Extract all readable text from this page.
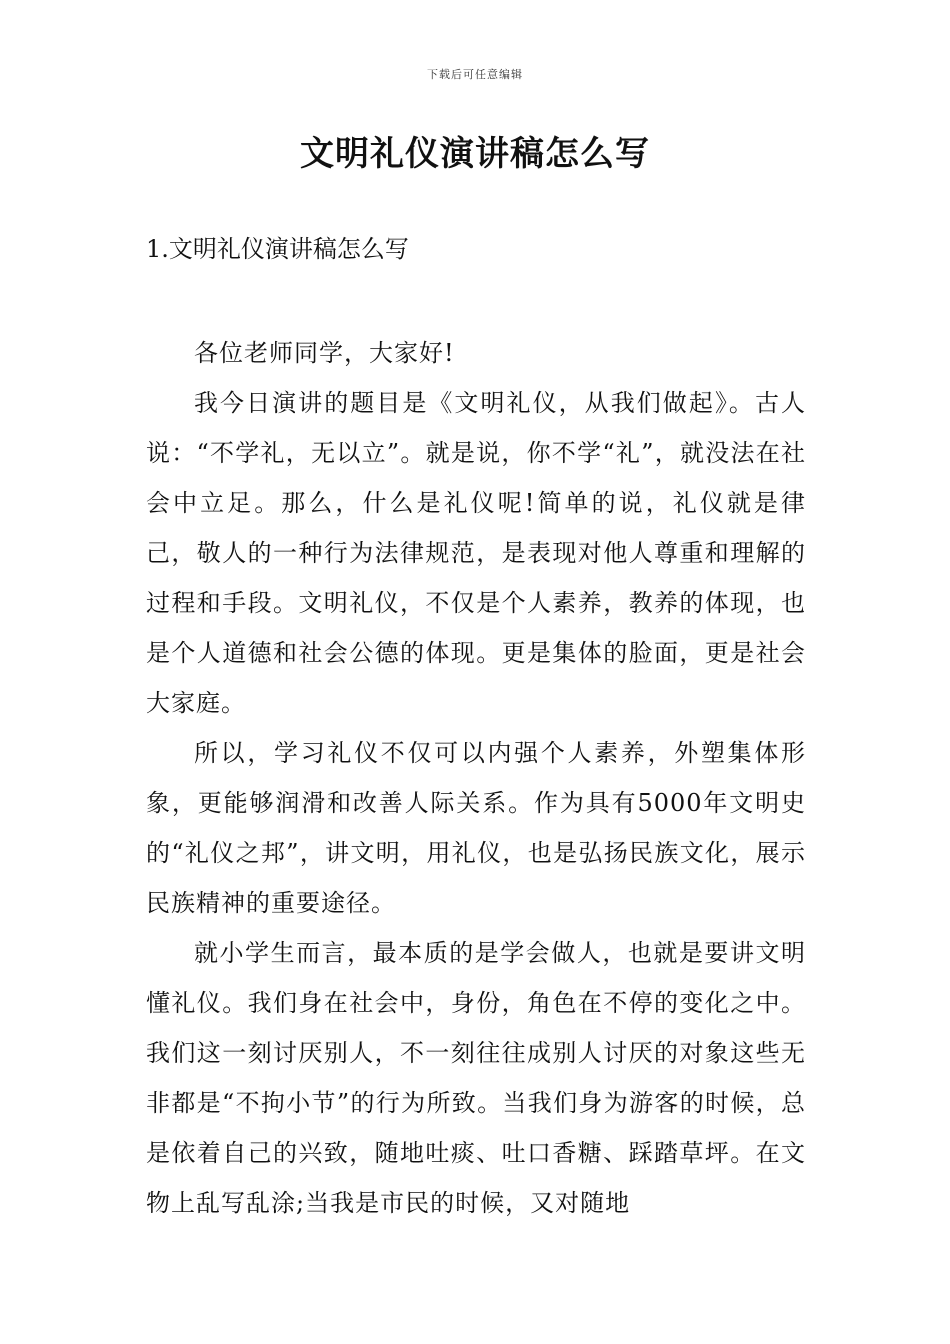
下载后可任意编辑
文明礼仪演讲稿怎么写
1.文明礼仪演讲稿怎么写

各位老师同学，大家好!

我今日演讲的题目是《文明礼仪，从我们做起》。古人说：“不学礼，无以立”。就是说，你不学“礼”，就没法在社会中立足。那么，什么是礼仪呢!简单的说，礼仪就是律己，敬人的一种行为法律规范，是表现对他人尊重和理解的过程和手段。文明礼仪，不仅是个人素养，教养的体现，也是个人道德和社会公德的体现。更是集体的脸面，更是社会大家庭。

所以，学习礼仪不仅可以内强个人素养，外塑集体形象，更能够润滑和改善人际关系。作为具有5000年文明史的“礼仪之邦”，讲文明，用礼仪，也是弘扬民族文化，展示民族精神的重要途径。

就小学生而言，最本质的是学会做人，也就是要讲文明懂礼仪。我们身在社会中，身份，角色在不停的变化之中。我们这一刻讨厌别人，不一刻往往成别人讨厌的对象这些无非都是“不拘小节”的行为所致。当我们身为游客的时候，总是依着自己的兴致，随地吐痰、吐口香糖、踩踏草坪。在文物上乱写乱涂;当我是市民的时候，又对随地
